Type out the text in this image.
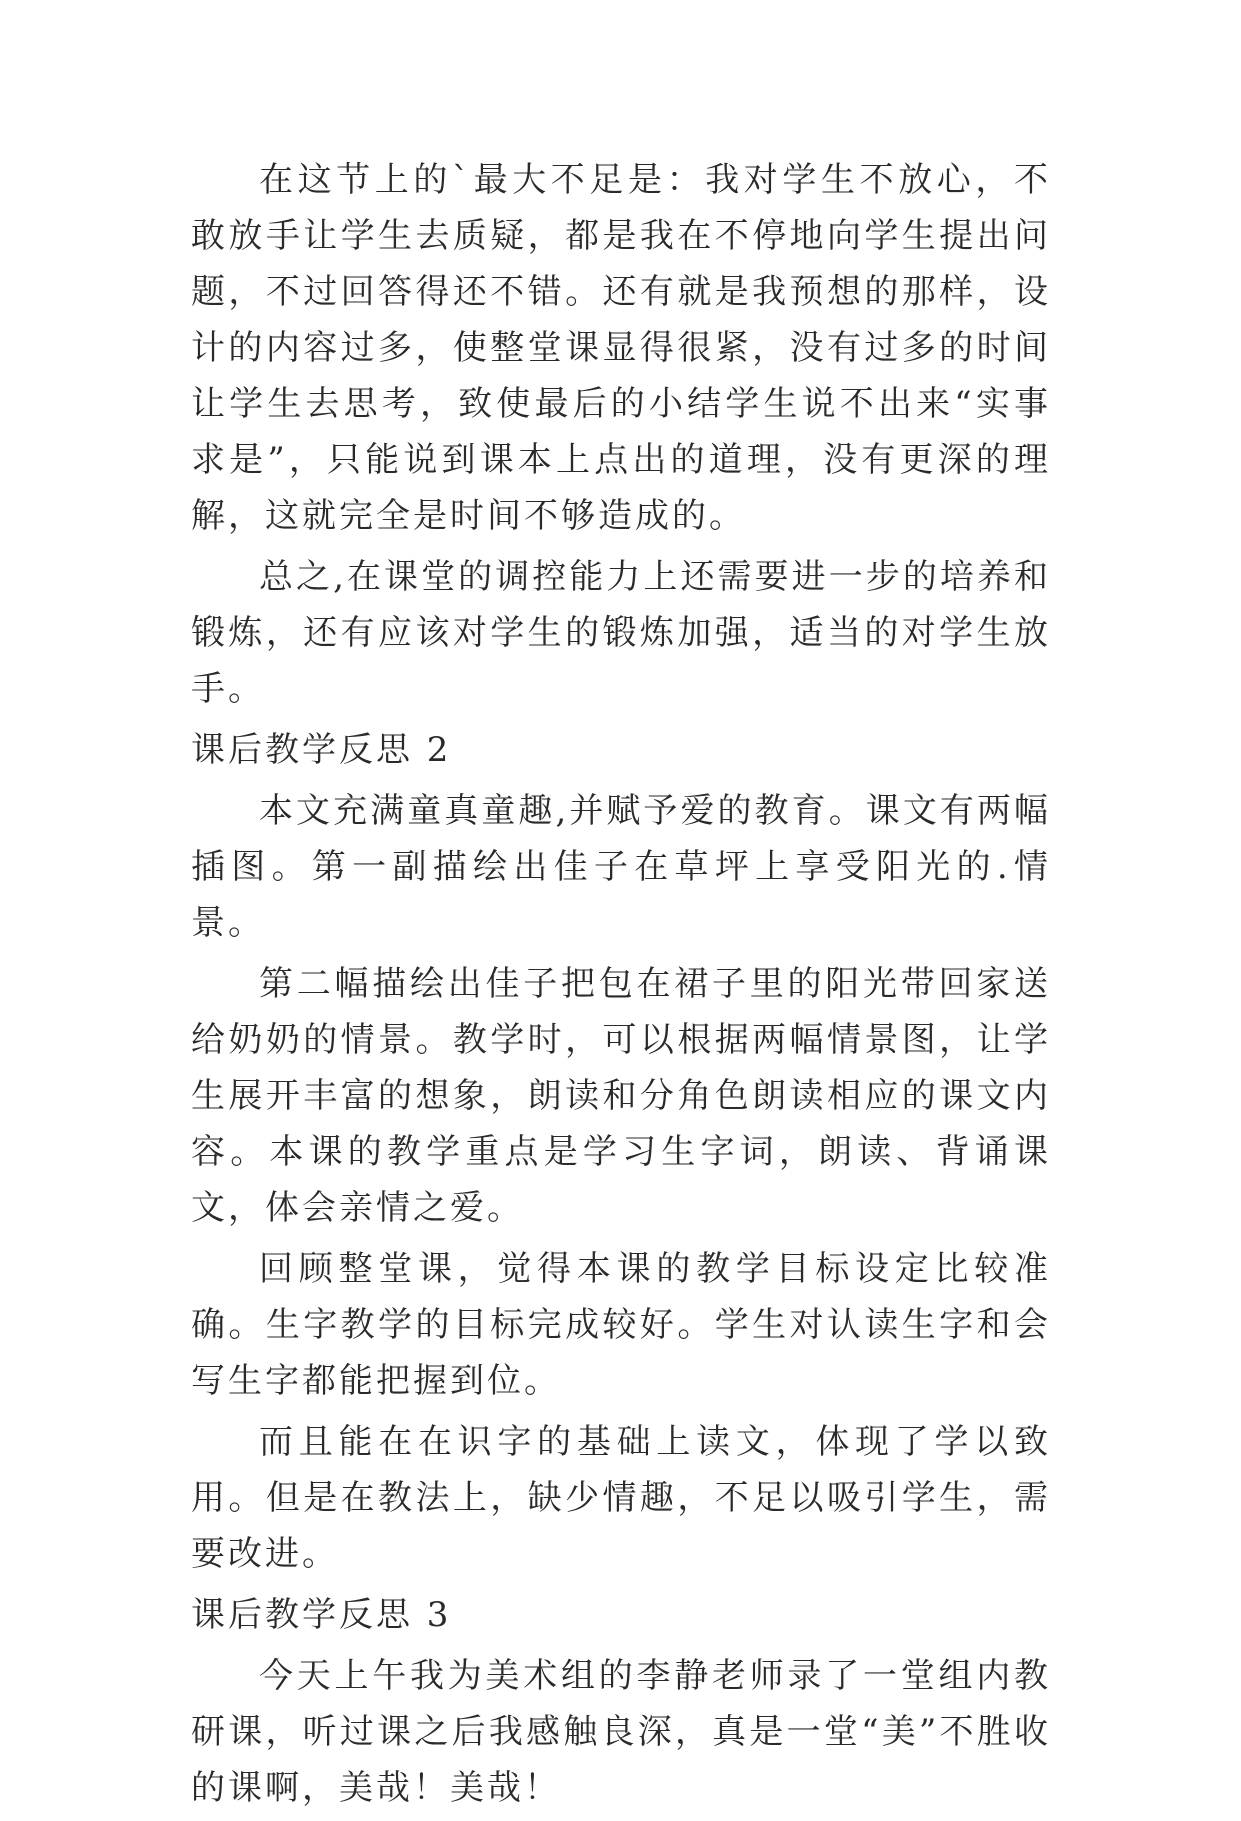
在这节上的`最大不足是：我对学生不放心，不敢放手让学生去质疑，都是我在不停地向学生提出问题，不过回答得还不错。还有就是我预想的那样，设计的内容过多，使整堂课显得很紧，没有过多的时间让学生去思考，致使最后的小结学生说不出来“实事求是”，只能说到课本上点出的道理，没有更深的理解，这就完全是时间不够造成的。

总之,在课堂的调控能力上还需要进一步的培养和锻炼，还有应该对学生的锻炼加强，适当的对学生放手。

课后教学反思 2

本文充满童真童趣,并赋予爱的教育。课文有两幅插图。第一副描绘出佳子在草坪上享受阳光的.情景。

第二幅描绘出佳子把包在裙子里的阳光带回家送给奶奶的情景。教学时，可以根据两幅情景图，让学生展开丰富的想象，朗读和分角色朗读相应的课文内容。本课的教学重点是学习生字词，朗读、背诵课文，体会亲情之爱。

回顾整堂课，觉得本课的教学目标设定比较准确。生字教学的目标完成较好。学生对认读生字和会写生字都能把握到位。

而且能在在识字的基础上读文，体现了学以致用。但是在教法上，缺少情趣，不足以吸引学生，需要改进。

课后教学反思 3

今天上午我为美术组的李静老师录了一堂组内教研课，听过课之后我感触良深，真是一堂“美”不胜收的课啊，美哉！美哉！
